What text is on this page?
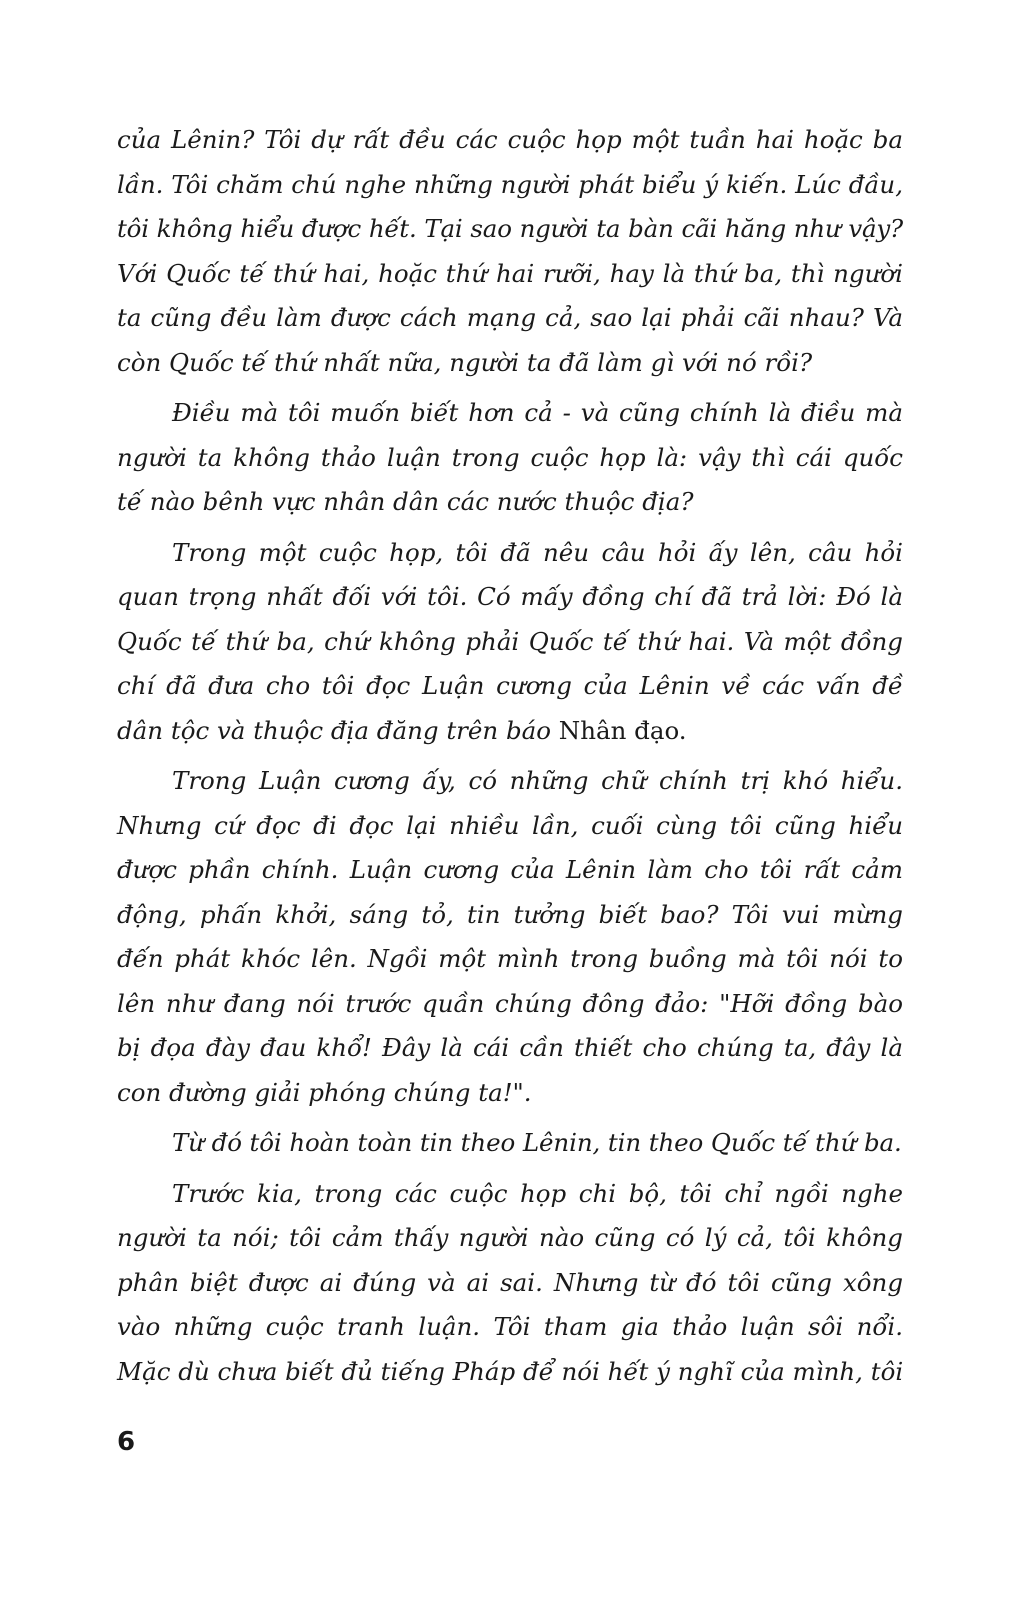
của Lênin? Tôi dự rất đều các cuộc họp một tuần hai hoặc ba
lần. Tôi chăm chú nghe những người phát biểu ý kiến. Lúc đầu,
tôi không hiểu được hết. Tại sao người ta bàn cãi hăng như vậy?
Với Quốc tế thứ hai, hoặc thứ hai rưỡi, hay là thứ ba, thì người
ta cũng đều làm được cách mạng cả, sao lại phải cãi nhau? Và
còn Quốc tế thứ nhất nữa, người ta đã làm gì với nó rồi?
Điều mà tôi muốn biết hơn cả - và cũng chính là điều mà
người ta không thảo luận trong cuộc họp là: vậy thì cái quốc
tế nào bênh vực nhân dân các nước thuộc địa?
Trong một cuộc họp, tôi đã nêu câu hỏi ấy lên, câu hỏi
quan trọng nhất đối với tôi. Có mấy đồng chí đã trả lời: Đó là
Quốc tế thứ ba, chứ không phải Quốc tế thứ hai. Và một đồng
chí đã đưa cho tôi đọc Luận cương của Lênin về các vấn đề
dân tộc và thuộc địa đăng trên báo Nhân đạo.
Trong Luận cương ấy, có những chữ chính trị khó hiểu.
Nhưng cứ đọc đi đọc lại nhiều lần, cuối cùng tôi cũng hiểu
được phần chính. Luận cương của Lênin làm cho tôi rất cảm
động, phấn khởi, sáng tỏ, tin tưởng biết bao? Tôi vui mừng
đến phát khóc lên. Ngồi một mình trong buồng mà tôi nói to
lên như đang nói trước quần chúng đông đảo: "Hỡi đồng bào
bị đọa đày đau khổ! Đây là cái cần thiết cho chúng ta, đây là
con đường giải phóng chúng ta!".
Từ đó tôi hoàn toàn tin theo Lênin, tin theo Quốc tế thứ ba.
Trước kia, trong các cuộc họp chi bộ, tôi chỉ ngồi nghe
người ta nói; tôi cảm thấy người nào cũng có lý cả, tôi không
phân biệt được ai đúng và ai sai. Nhưng từ đó tôi cũng xông
vào những cuộc tranh luận. Tôi tham gia thảo luận sôi nổi.
Mặc dù chưa biết đủ tiếng Pháp để nói hết ý nghĩ của mình, tôi
6
